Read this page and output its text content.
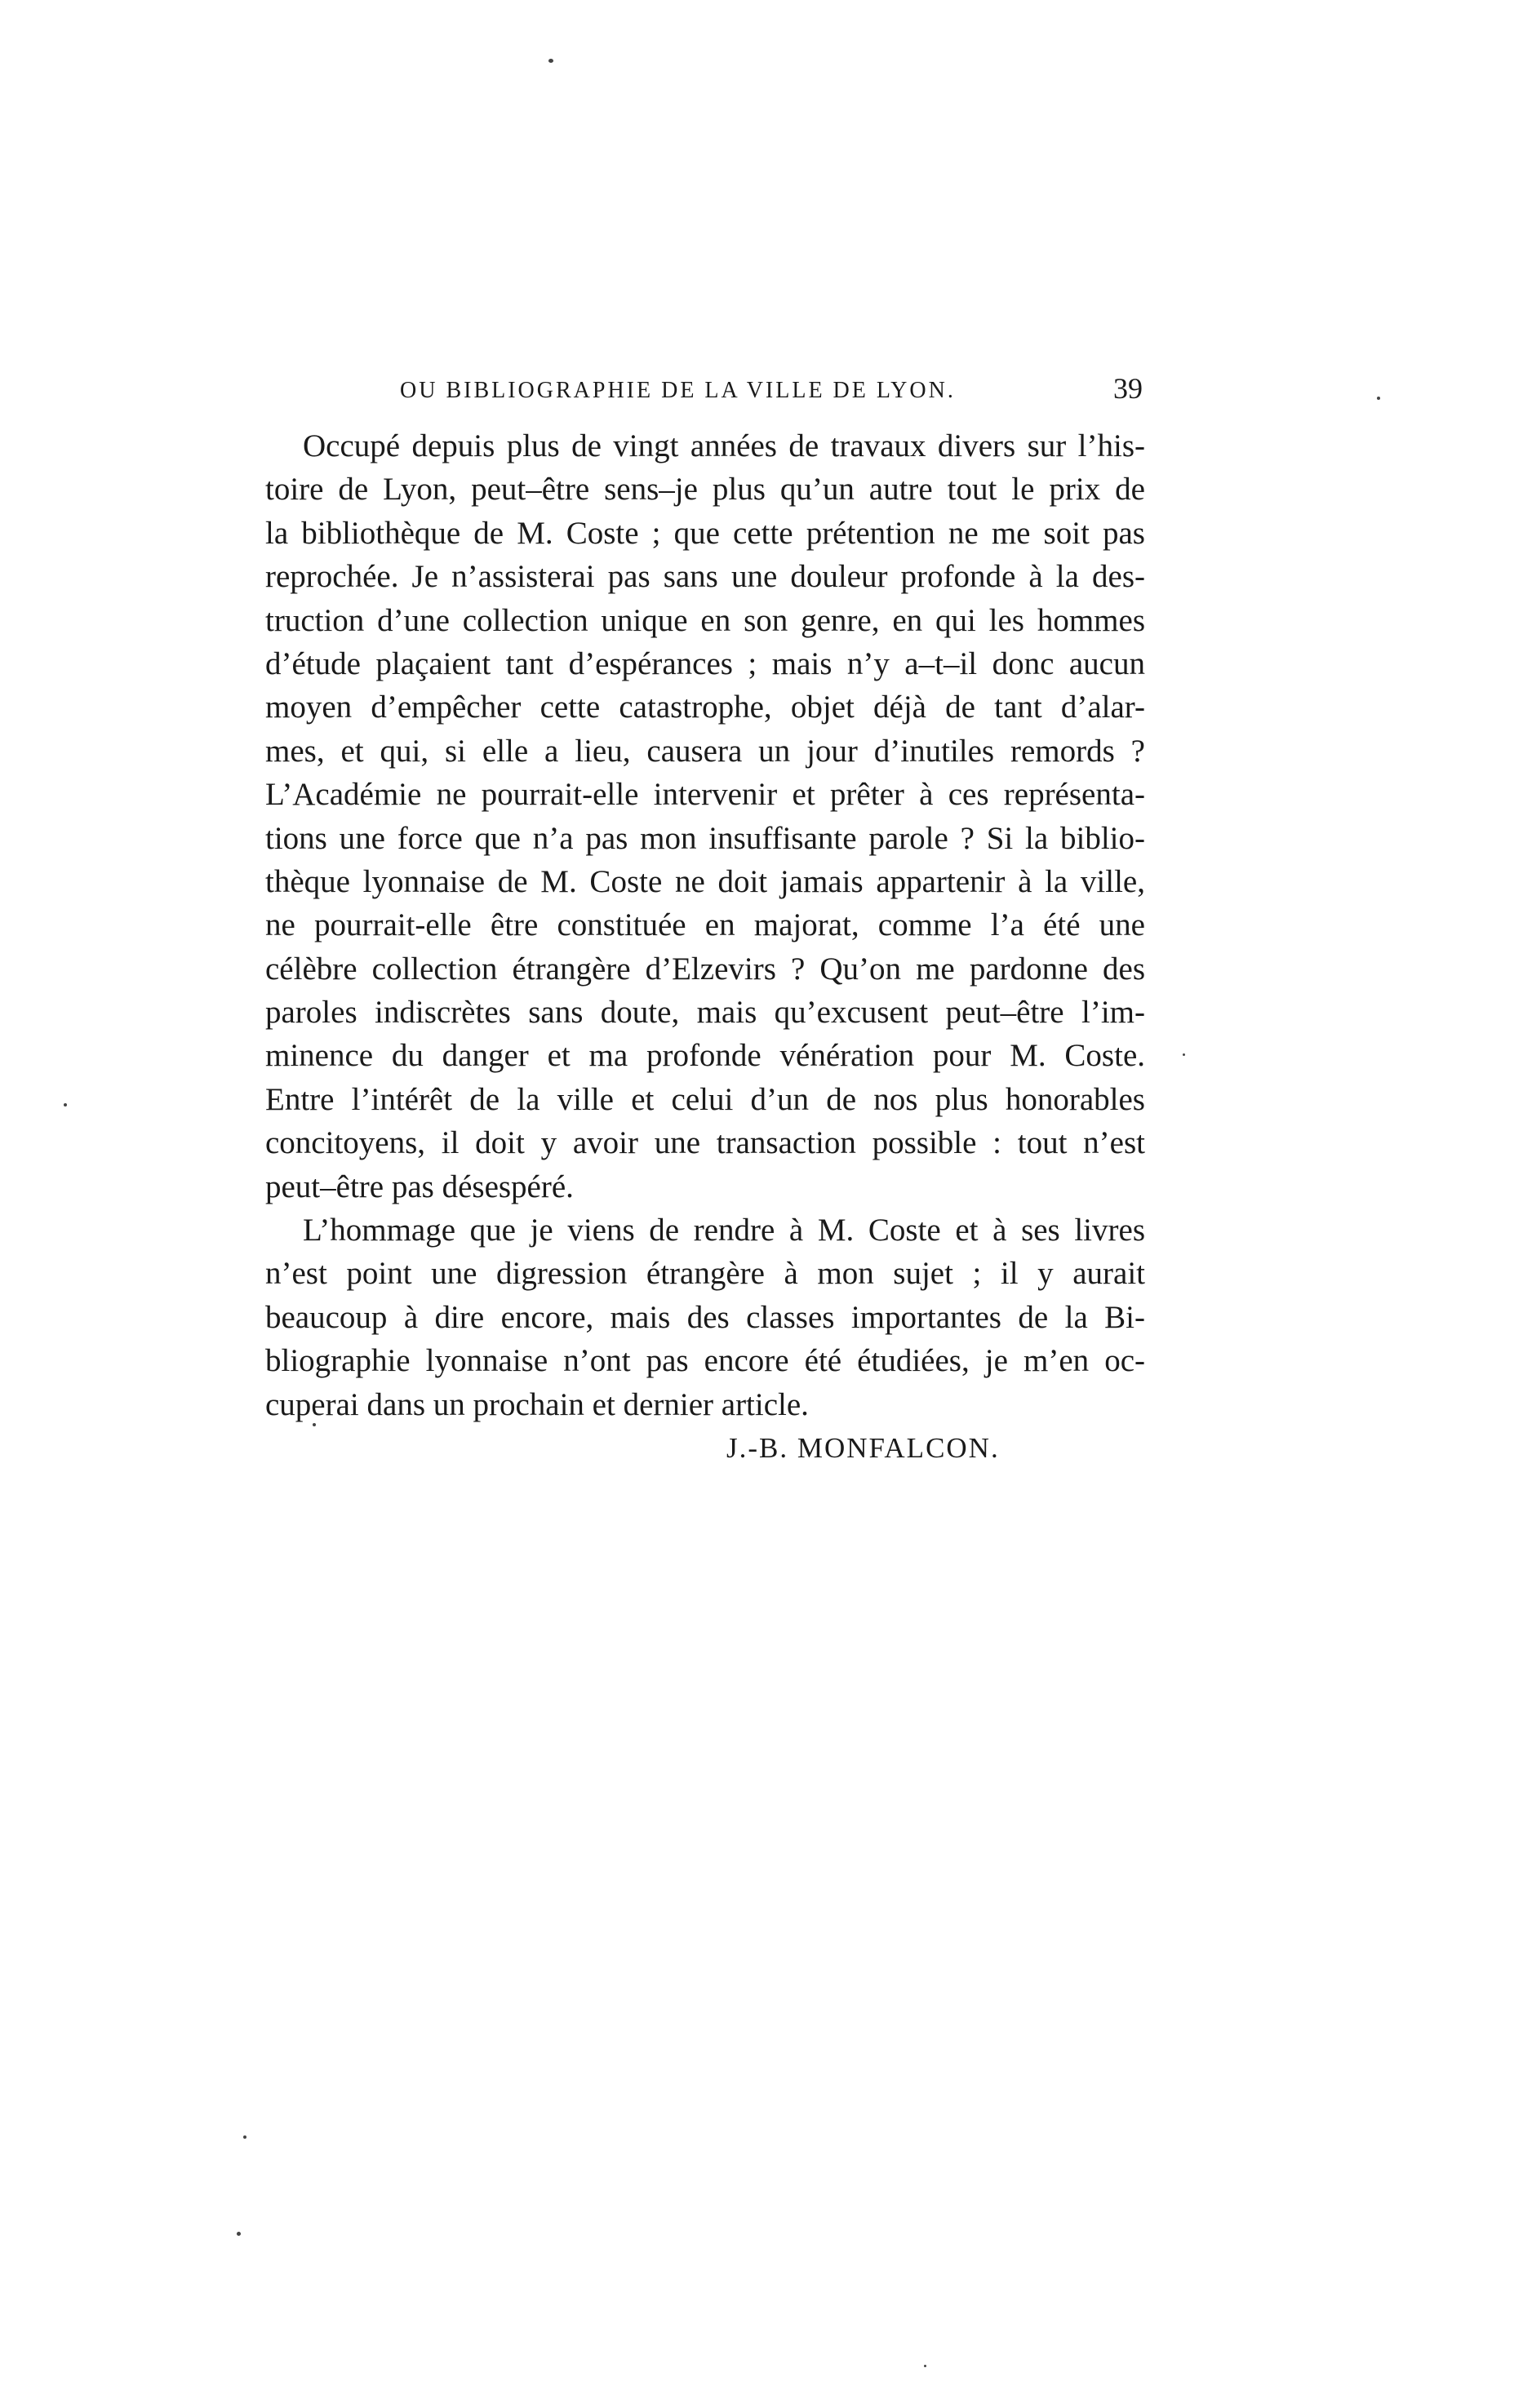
OU BIBLIOGRAPHIE DE LA VILLE DE LYON.	39
Occupé depuis plus de vingt années de travaux divers sur l’his-
toire de Lyon, peut–être sens–je plus qu’un autre tout le prix de
la bibliothèque de M. Coste ; que cette prétention ne me soit pas
reprochée. Je n’assisterai pas sans une douleur profonde à la des-
truction d’une collection unique en son genre, en qui les hommes
d’étude plaçaient tant d’espérances ; mais n’y a–t–il donc aucun
moyen d’empêcher cette catastrophe, objet déjà de tant d’alar-
mes, et qui, si elle a lieu, causera un jour d’inutiles remords ?
L’Académie ne pourrait-elle intervenir et prêter à ces représenta-
tions une force que n’a pas mon insuffisante parole ? Si la biblio-
thèque lyonnaise de M. Coste ne doit jamais appartenir à la ville,
ne pourrait-elle être constituée en majorat, comme l’a été une
célèbre collection étrangère d’Elzevirs ? Qu’on me pardonne des
paroles indiscrètes sans doute, mais qu’excusent peut–être l’im-
minence du danger et ma profonde vénération pour M. Coste.
Entre l’intérêt de la ville et celui d’un de nos plus honorables
concitoyens, il doit y avoir une transaction possible : tout n’est
peut–être pas désespéré.
L’hommage que je viens de rendre à M. Coste et à ses livres
n’est point une digression étrangère à mon sujet ; il y aurait
beaucoup à dire encore, mais des classes importantes de la Bi-
bliographie lyonnaise n’ont pas encore été étudiées, je m’en oc-
cuperai dans un prochain et dernier article.
J.-B. MONFALCON.
